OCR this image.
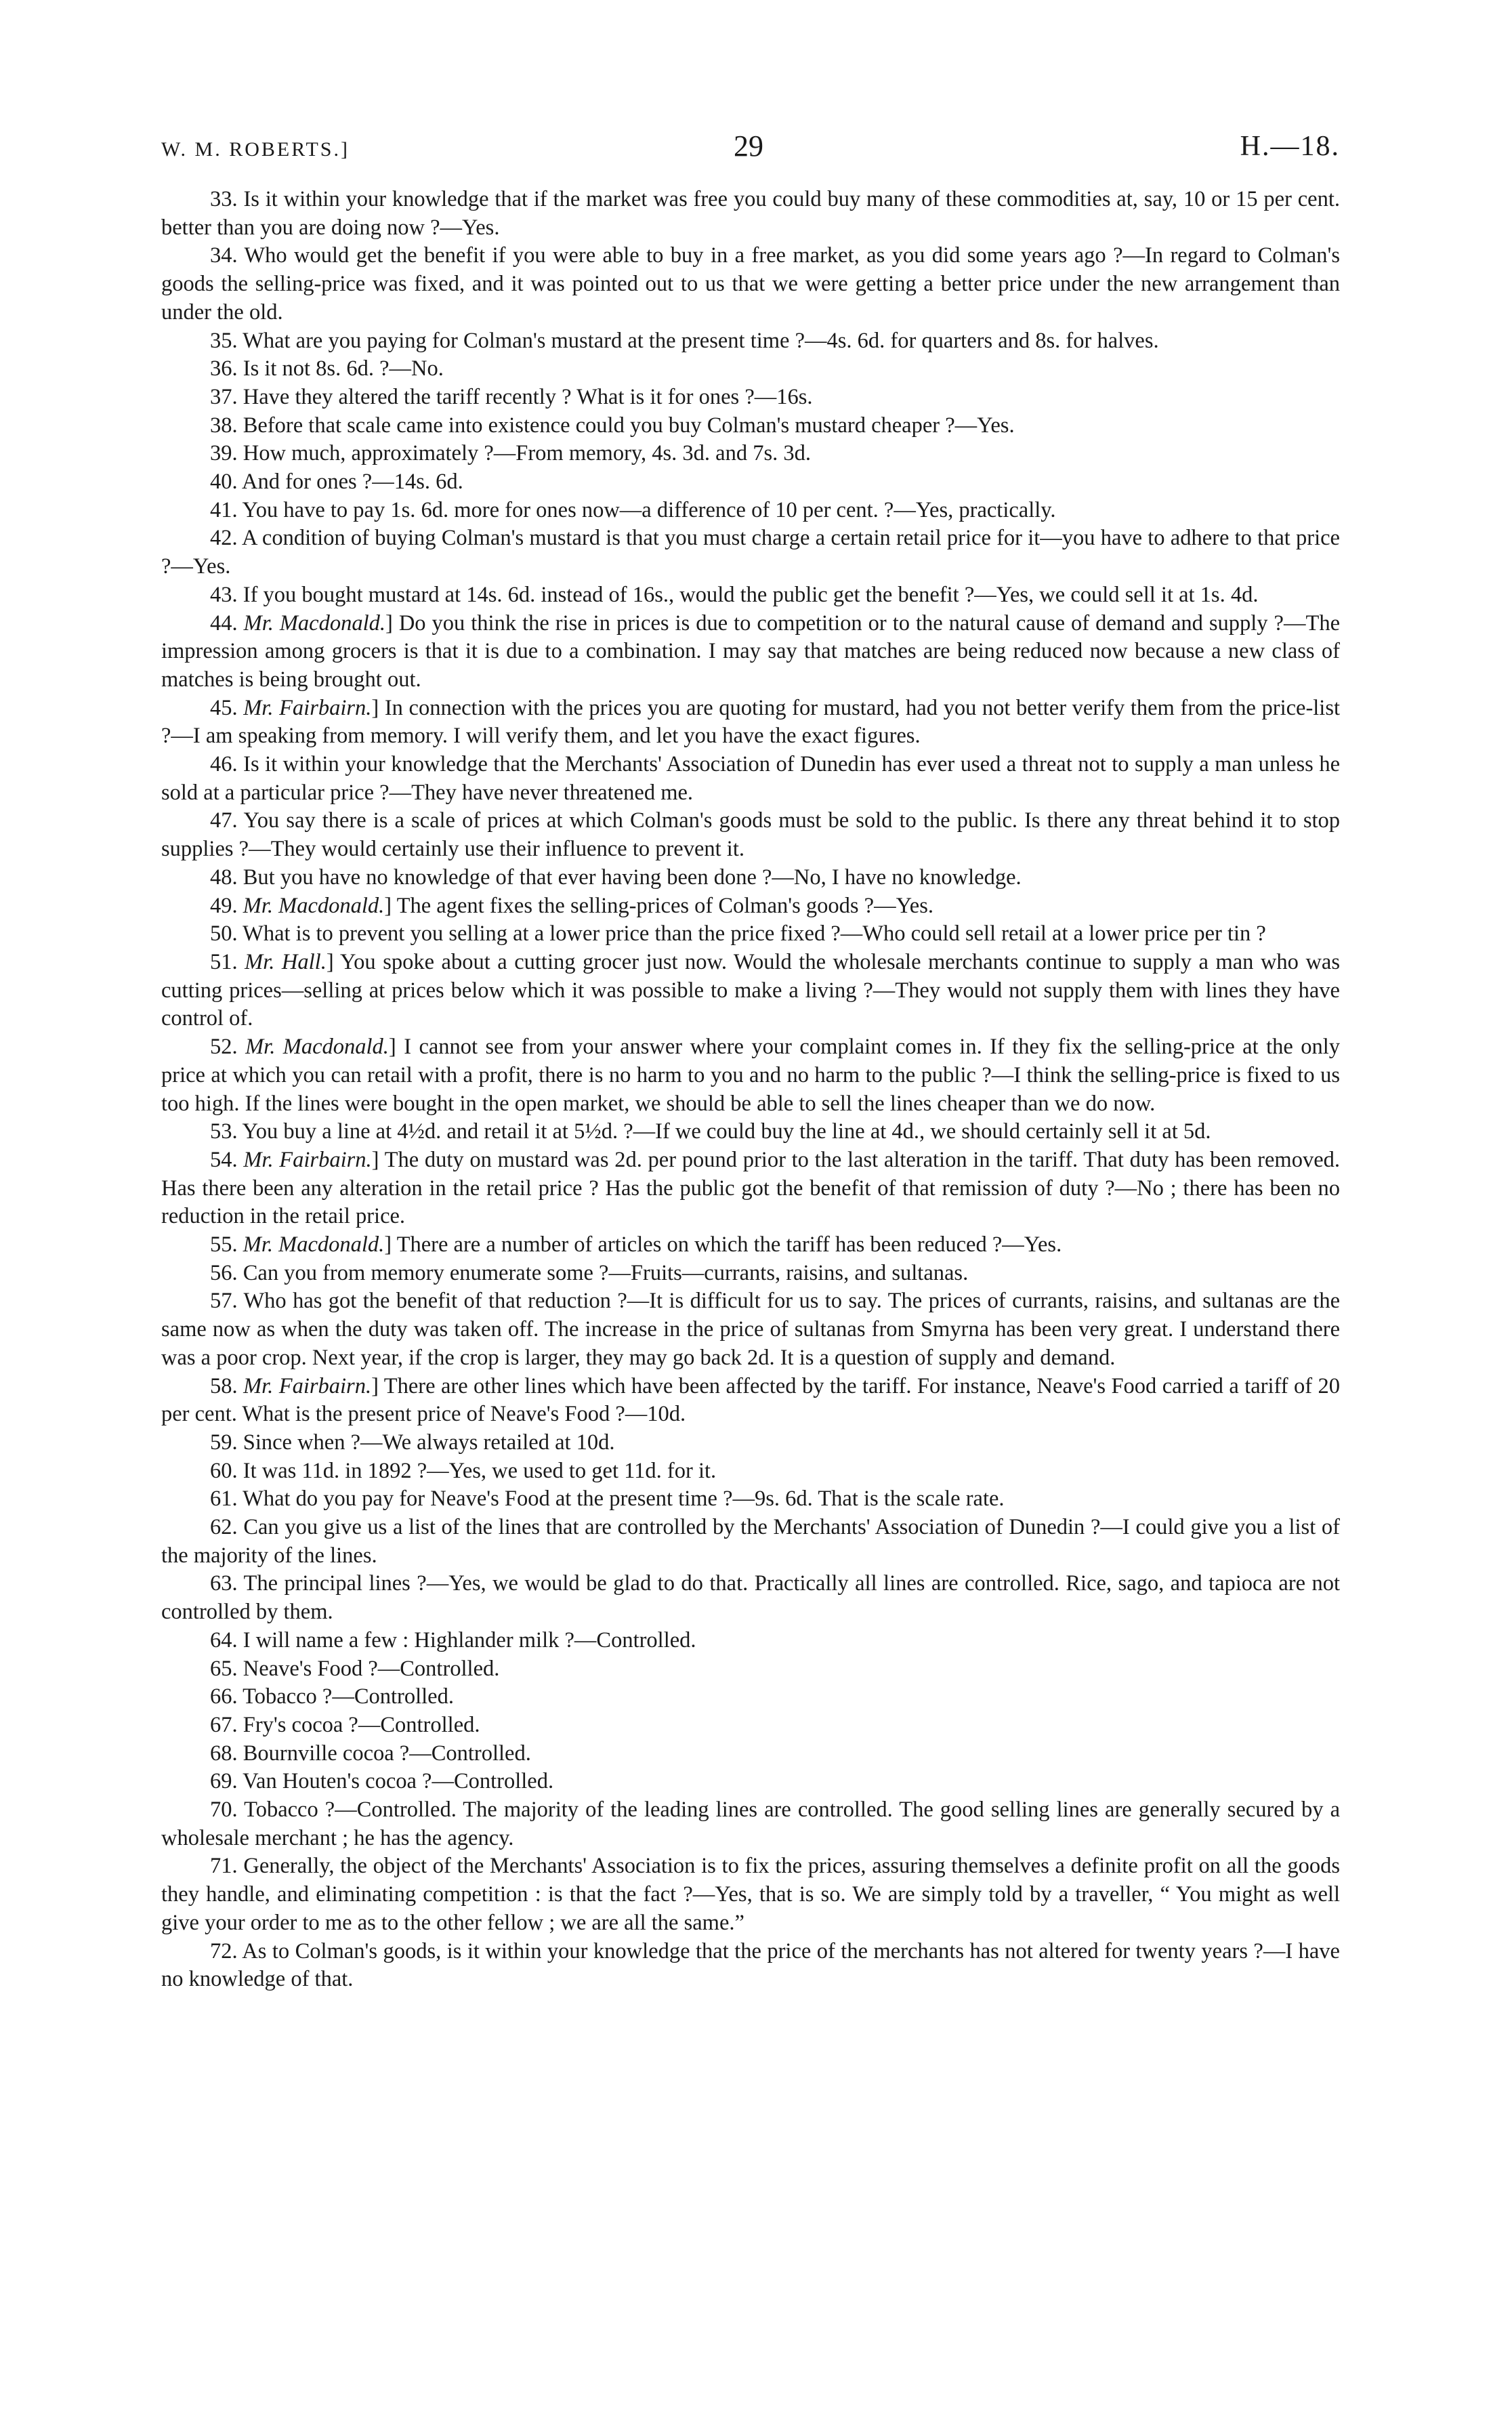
W. M. ROBERTS.]	29	H.—18.

33. Is it within your knowledge that if the market was free you could buy many of these commodities at, say, 10 or 15 per cent. better than you are doing now ?—Yes.

34. Who would get the benefit if you were able to buy in a free market, as you did some years ago ?—In regard to Colman's goods the selling-price was fixed, and it was pointed out to us that we were getting a better price under the new arrangement than under the old.

35. What are you paying for Colman's mustard at the present time ?—4s. 6d. for quarters and 8s. for halves.

36. Is it not 8s. 6d. ?—No.

37. Have they altered the tariff recently ? What is it for ones ?—16s.

38. Before that scale came into existence could you buy Colman's mustard cheaper ?—Yes.

39. How much, approximately ?—From memory, 4s. 3d. and 7s. 3d.

40. And for ones ?—14s. 6d.

41. You have to pay 1s. 6d. more for ones now—a difference of 10 per cent. ?—Yes, practically.

42. A condition of buying Colman's mustard is that you must charge a certain retail price for it—you have to adhere to that price ?—Yes.

43. If you bought mustard at 14s. 6d. instead of 16s., would the public get the benefit ?—Yes, we could sell it at 1s. 4d.

44. Mr. Macdonald.] Do you think the rise in prices is due to competition or to the natural cause of demand and supply ?—The impression among grocers is that it is due to a combination. I may say that matches are being reduced now because a new class of matches is being brought out.

45. Mr. Fairbairn.] In connection with the prices you are quoting for mustard, had you not better verify them from the price-list ?—I am speaking from memory. I will verify them, and let you have the exact figures.

46. Is it within your knowledge that the Merchants' Association of Dunedin has ever used a threat not to supply a man unless he sold at a particular price ?—They have never threatened me.

47. You say there is a scale of prices at which Colman's goods must be sold to the public. Is there any threat behind it to stop supplies ?—They would certainly use their influence to prevent it.

48. But you have no knowledge of that ever having been done ?—No, I have no knowledge.

49. Mr. Macdonald.] The agent fixes the selling-prices of Colman's goods ?—Yes.

50. What is to prevent you selling at a lower price than the price fixed ?—Who could sell retail at a lower price per tin ?

51. Mr. Hall.] You spoke about a cutting grocer just now. Would the wholesale merchants continue to supply a man who was cutting prices—selling at prices below which it was possible to make a living ?—They would not supply them with lines they have control of.

52. Mr. Macdonald.] I cannot see from your answer where your complaint comes in. If they fix the selling-price at the only price at which you can retail with a profit, there is no harm to you and no harm to the public ?—I think the selling-price is fixed to us too high. If the lines were bought in the open market, we should be able to sell the lines cheaper than we do now.

53. You buy a line at 4½d. and retail it at 5½d. ?—If we could buy the line at 4d., we should certainly sell it at 5d.

54. Mr. Fairbairn.] The duty on mustard was 2d. per pound prior to the last alteration in the tariff. That duty has been removed. Has there been any alteration in the retail price ? Has the public got the benefit of that remission of duty ?—No ; there has been no reduction in the retail price.

55. Mr. Macdonald.] There are a number of articles on which the tariff has been reduced ?—Yes.

56. Can you from memory enumerate some ?—Fruits—currants, raisins, and sultanas.

57. Who has got the benefit of that reduction ?—It is difficult for us to say. The prices of currants, raisins, and sultanas are the same now as when the duty was taken off. The increase in the price of sultanas from Smyrna has been very great. I understand there was a poor crop. Next year, if the crop is larger, they may go back 2d. It is a question of supply and demand.

58. Mr. Fairbairn.] There are other lines which have been affected by the tariff. For instance, Neave's Food carried a tariff of 20 per cent. What is the present price of Neave's Food ?—10d.

59. Since when ?—We always retailed at 10d.

60. It was 11d. in 1892 ?—Yes, we used to get 11d. for it.

61. What do you pay for Neave's Food at the present time ?—9s. 6d. That is the scale rate.

62. Can you give us a list of the lines that are controlled by the Merchants' Association of Dunedin ?—I could give you a list of the majority of the lines.

63. The principal lines ?—Yes, we would be glad to do that. Practically all lines are controlled. Rice, sago, and tapioca are not controlled by them.

64. I will name a few : Highlander milk ?—Controlled.

65. Neave's Food ?—Controlled.

66. Tobacco ?—Controlled.

67. Fry's cocoa ?—Controlled.

68. Bournville cocoa ?—Controlled.

69. Van Houten's cocoa ?—Controlled.

70. Tobacco ?—Controlled. The majority of the leading lines are controlled. The good selling lines are generally secured by a wholesale merchant ; he has the agency.

71. Generally, the object of the Merchants' Association is to fix the prices, assuring themselves a definite profit on all the goods they handle, and eliminating competition : is that the fact ?—Yes, that is so. We are simply told by a traveller, “ You might as well give your order to me as to the other fellow ; we are all the same.”

72. As to Colman's goods, is it within your knowledge that the price of the merchants has not altered for twenty years ?—I have no knowledge of that.
